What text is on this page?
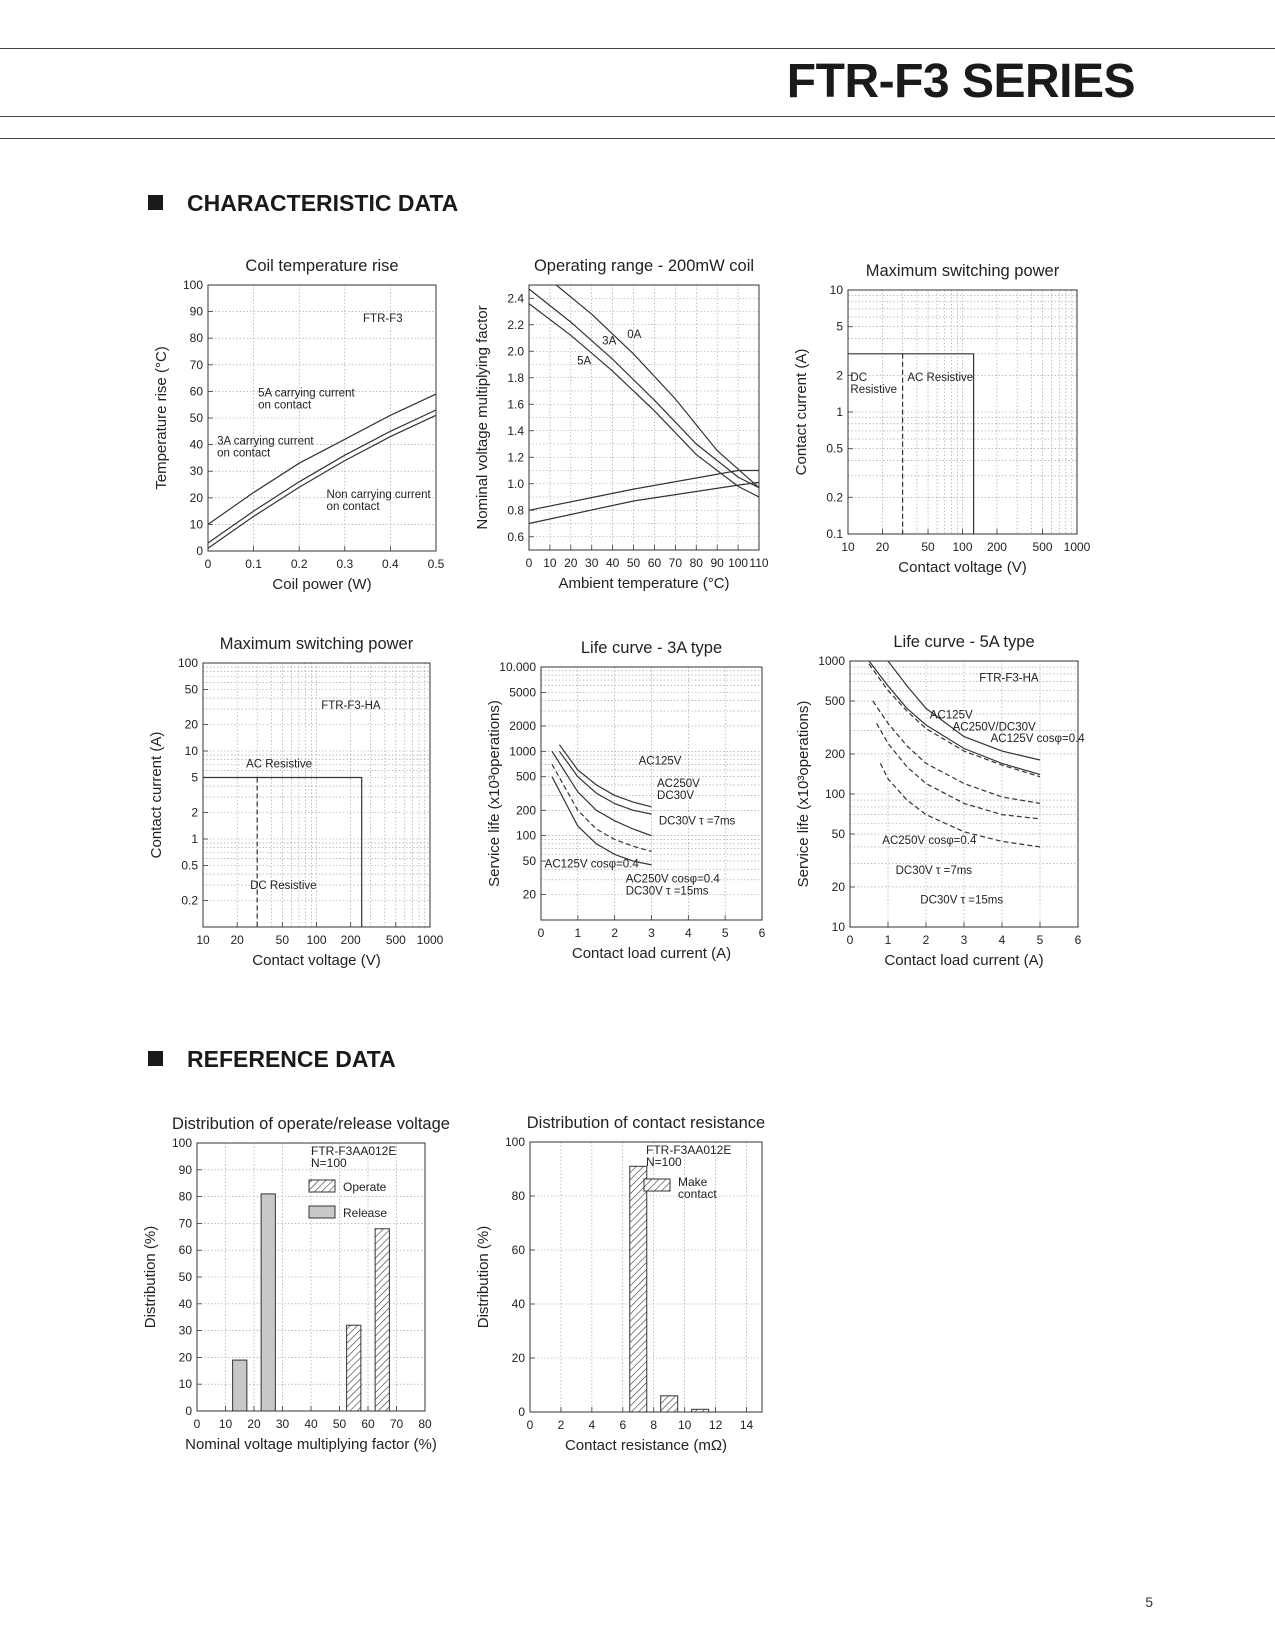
FTR-F3 SERIES
CHARACTERISTIC DATA
REFERENCE DATA
5
0	0.1 0.2 0.3 0.4 0.5
0
10
20
30
40
50
60
70
80
90
100
Coil temperature rise
Coil power (W)
Temperature rise (°C)
FTR-F3
5A carrying current
on contact
3A carrying current
on contact
Non carrying current
on contact
0 10 20 30 40 50 60 70 80 90 100 110
0.6
0.8
1.0
1.2
1.4
1.6
1.8
2.0
2.2
2.4
Operating range - 200mW coil
Ambient temperature (°C)
Nominal voltage multiplying factor	0A
3A
5A
10 20	50 100 200 500 1000
0.1
0.2
0.5
1
2
5
10
Maximum switching power
Contact voltage (V)
Contact current (A)	DC
Resistive
AC Resistive
10 20	50 100 200 500 1000
0.2
0.5
1
2
5
10
20
50
100
Maximum switching power
Contact voltage (V)
Contact current (A)
FTR-F3-HA
AC Resistive
DC Resistive
0	1	2	3	4	5	6
20
50
100
200
500
1000
2000
5000
10.000
Life curve - 3A type
Contact load current (A)
Service life (x10³operations)	AC125V
AC250V
DC30V
DC30V τ =7ms
AC125V cosφ=0.4
AC250V cosφ=0.4
DC30V τ =15ms
0	1	2	3	4	5	6
10
20
50
100
200
500
1000
Life curve - 5A type
Contact load current (A)
Service life (x10³operations)
FTR-F3-HA
AC125V
AC250V/DC30V
AC125V cosφ=0.4
AC250V cosφ=0.4
DC30V τ =7ms
DC30V τ =15ms
0 10 20 30 40 50 60 70 80
0
10
20
30
40
50
60
70
80
90
100
Distribution of operate/release voltage
Nominal voltage multiplying factor (%)
Distribution (%)
FTR-F3AA012E
N=100
Operate
Release
0 2 4 6 8 10 12 14
0
20
40
60
80
100
Distribution of contact resistance
Contact resistance (mΩ)
Distribution (%)
FTR-F3AA012E
N=100
Make
contact
